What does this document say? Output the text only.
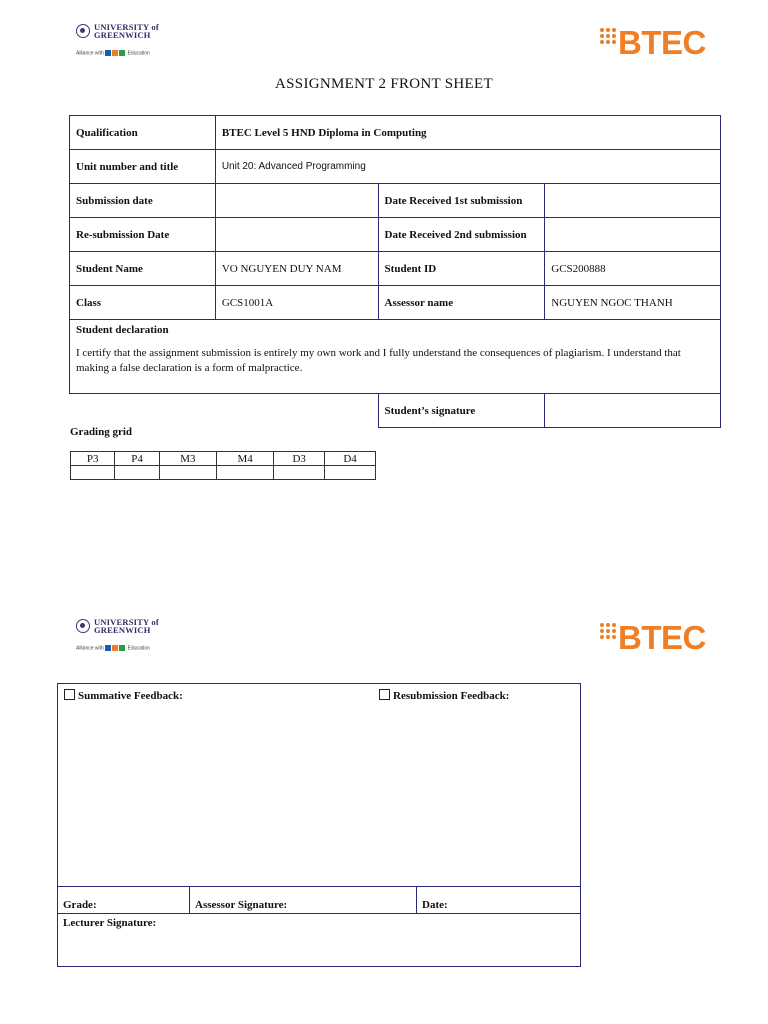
UNIVERSITY of
GREENWICH
Alliance with	Education	BTEC
ASSIGNMENT 2 FRONT SHEET
Qualification	BTEC Level 5 HND Diploma in Computing		
Unit number and title	Unit 20: Advanced Programming		
Submission date		Date Received 1st submission	
Re-submission Date		Date Received 2nd submission	
Student Name	VO NGUYEN DUY NAM	Student ID	GCS200888
Class	GCS1001A	Assessor name	NGUYEN NGOC THANH

Student declaration
I certify that the assignment submission is entirely my own work and I fully understand the consequences of plagiarism. I understand that making a false declaration is a form of malpractice.			

		Student’s signature	
Grading grid
P3	P4	M3	M4	D3	D4

UNIVERSITY of
GREENWICH
Alliance with	Education	BTEC
Summative Feedback:	Resubmission Feedback:
Grade:	Assessor Signature:	Date:
Lecturer Signature:
